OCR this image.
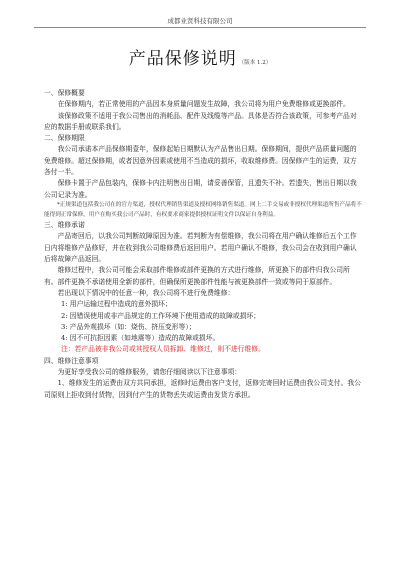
成都业贤科技有限公司
产品保修说明 （版本 1.2）

一、保修概要

在保修期内，若正常使用的产品因本身质量问题发生故障，我公司将为用户免费维修或更换部件。

该保修政策不适用于我公司售出的消耗品、配件及线缆等产品。具体是否符合该政策，可参考产品对应的数据手册或联系我们。

二、保修期限

我公司承诺本产品保修期壹年，保修起始日期默认为产品售出日期。保修期间，提供产品质量问题的免费维修。超过保修期，或者因意外因素或使用不当造成的损坏，收取维修费。因保修产生的运费，双方各付一半。

保修卡置于产品包装内，保修卡内注明售出日期，请妥善保管，且遗失不补。若遗失，售出日期以我公司记录为准。

*正规渠道包括我公司在的官方渠道，授权代理销售渠道及授权网络销售渠道。网上二手交易或非授权代理渠道所售产品将不能得到正常保修。用户在购买我公司产品时，有权要求商家提供授权证明文件以保证自身利益。

三、维修承诺

产品寄回后，以我公司判断故障原因为准。若判断为有偿维修，我公司将在用户确认维修后五个工作日内将维修产品修好，并在收到我公司维修费后返回用户。若用户确认不维修，我公司会在收到用户确认后将故障产品返回。

维修过程中，我公司可能会采取部件维修或部件更换的方式进行维修，所更换下的部件归我公司所有。部件更换不承诺使用全新的部件，但确保所更换部件性能与被更换部件一致或等同于原部件。

若出现以下情况中的任意一种，我公司将不进行免费维修：

1: 用户运输过程中造成的意外损坏；

2: 因错误使用或非产品规定的工作环境下使用造成的故障或损坏；

3: 产品外观损坏（如：烧伤、挤压变形等）；

4: 因不可抗拒因素（如地震等）造成的故障或损坏。

注：若产品被非我公司或其授权人员拆卸、维修过，则不进行维修。

四、维修注意事项

为更好享受我公司的维修服务，请您仔细阅读以下注意事项：

1、维修发生的运费由双方共同承担，返修时运费由客户支付，返修完寄回时运费由我公司支付。我公司原则上拒收到付货物，因到付产生的货物丢失或运费由发货方承担。
